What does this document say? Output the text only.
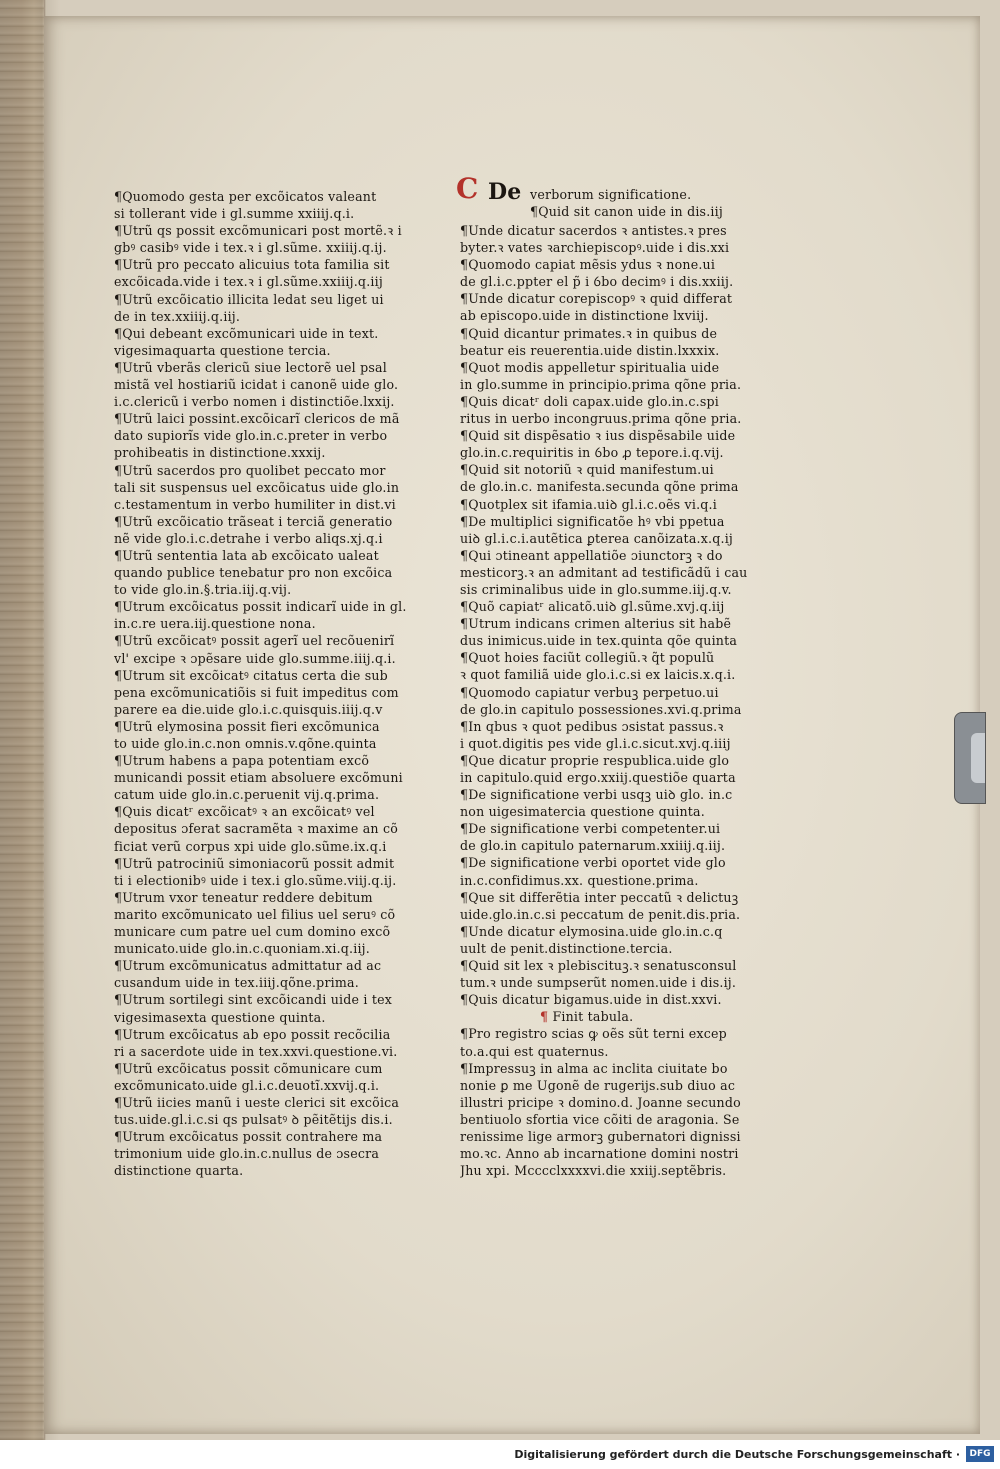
¶Quomodo gesta per excõicatos valeant
si tollerant vide i gl.summe xxiiij.q.i.
¶Utrũ qs possit excõmunicari post mortẽ.ꝛ i
gbꝰ casibꝰ vide i tex.ꝛ i gl.sũme. xxiiij.q.ij.
¶Utrũ pro peccato alicuius tota familia sit
excõicada.vide i tex.ꝛ i gl.sũme.xxiiij.q.iij
¶Utrũ excõicatio illicita ledat seu liget ui
de in tex.xxiiij.q.iij.
¶Qui debeant excõmunicari uide in text.
vigesimaquarta questione tercia.
¶Utrũ vberãs clericũ siue lectorẽ uel psal
mistã vel hostiariũ icidat i canonẽ uide glo.
i.c.clericũ i verbo nomen i distinctiõe.lxxij.
¶Utrũ laici possint.excõicarĩ clericos de mã
dato supiorĩs vide glo.in.c.preter in verbo
prohibeatis in distinctione.xxxij.
¶Utrũ sacerdos pro quolibet peccato mor
tali sit suspensus uel excõicatus uide glo.in
c.testamentum in verbo humiliter in dist.vi
¶Utrũ excõicatio trãseat i terciã generatio
nẽ vide glo.i.c.detrahe i verbo aliqs.xj.q.i
¶Utrũ sententia lata ab excõicato ualeat
quando publice tenebatur pro non excõica
to vide glo.in.§.tria.iij.q.vij.
¶Utrum excõicatus possit indicarĩ uide in gl.
in.c.re uera.iij.questione nona.
¶Utrũ excõicatꝰ possit agerĩ uel recõuenirĩ
vl' excipe ꝛ ɔpẽsare uide glo.summe.iiij.q.i.
¶Utrum sit excõicatꝰ citatus certa die sub
pena excõmunicatiõis si fuit impeditus com
parere ea die.uide glo.i.c.quisquis.iiij.q.v
¶Utrũ elymosina possit fieri excõmunica
to uide glo.in.c.non omnis.v.qõne.quinta
¶Utrum habens a papa potentiam excõ
municandi possit etiam absoluere excõmuni
catum uide glo.in.c.peruenit vij.q.prima.
¶Quis dicatʳ excõicatꝰ ꝛ an excõicatꝰ vel
depositus ɔferat sacramẽta ꝛ maxime an cõ
ficiat verũ corpus xpi uide glo.sũme.ix.q.i
¶Utrũ patrociniũ simoniacorũ possit admit
ti i electionibꝰ uide i tex.i glo.sũme.viij.q.ij.
¶Utrum vxor teneatur reddere debitum
marito excõmunicato uel filius uel seruꝰ cõ
municare cum patre uel cum domino excõ
municato.uide glo.in.c.quoniam.xi.q.iij.
¶Utrum excõmunicatus admittatur ad ac
cusandum uide in tex.iiij.qõne.prima.
¶Utrum sortilegi sint excõicandi uide i tex
vigesimasexta questione quinta.
¶Utrum excõicatus ab epo possit recõcilia
ri a sacerdote uide in tex.xxvi.questione.vi.
¶Utrũ excõicatus possit cõmunicare cum
excõmunicato.uide gl.i.c.deuotĩ.xxvij.q.i.
¶Utrũ iicies manũ i ueste clerici sit excõica
tus.uide.gl.i.c.si qs pulsatꝰ ꝺ pẽitẽtijs dis.i.
¶Utrum excõicatus possit contrahere ma
trimonium uide glo.in.c.nullus de ɔsecra
distinctione quarta.
C De verborum significatione.
¶Quid sit canon uide in dis.iij
¶Unde dicatur sacerdos ꝛ antistes.ꝛ pres
byter.ꝛ vates ꝛarchiepiscopꝰ.uide i dis.xxi
¶Quomodo capiat mẽsis ydus ꝛ none.ui
de gl.i.c.ppter el p̃ i ỽbo decimꝰ i dis.xxiij.
¶Unde dicatur corepiscopꝰ ꝛ quid differat
ab episcopo.uide in distinctione lxviij.
¶Quid dicantur primates.ꝛ in quibus de
beatur eis reuerentia.uide distin.lxxxix.
¶Quot modis appelletur spiritualia uide
in glo.summe in principio.prima qõne pria.
¶Quis dicatʳ doli capax.uide glo.in.c.spi
ritus in uerbo incongruus.prima qõne pria.
¶Quid sit dispẽsatio ꝛ ius dispẽsabile uide
glo.in.c.requiritis in ỽbo ꝓ tepore.i.q.vij.
¶Quid sit notoriũ ꝛ quid manifestum.ui
de glo.in.c. manifesta.secunda qõne prima
¶Quotplex sit ifamia.uiꝺ gl.i.c.oẽs vi.q.i
¶De multiplici significatõe hꝰ vbi ppetua
uiꝺ gl.i.c.i.autẽtica ꝑterea canõizata.x.q.ij
¶Qui ɔtineant appellatiõe ɔiunctorꝫ ꝛ do
mesticorꝫ.ꝛ an admitant ad testificãdũ i cau
sis criminalibus uide in glo.summe.iij.q.v.
¶Quõ capiatʳ alicatõ.uiꝺ gl.sũme.xvj.q.iij
¶Utrum indicans crimen alterius sit habẽ
dus inimicus.uide in tex.quinta qõe quinta
¶Quot hoies faciũt collegiũ.ꝛ q̃t populũ
ꝛ quot familiã uide glo.i.c.si ex laicis.x.q.i.
¶Quomodo capiatur verbuꝫ perpetuo.ui
de glo.in capitulo possessiones.xvi.q.prima
¶In qbus ꝛ quot pedibus ɔsistat passus.ꝛ
i quot.digitis pes vide gl.i.c.sicut.xvj.q.iiij
¶Que dicatur proprie respublica.uide glo
in capitulo.quid ergo.xxiij.questiõe quarta
¶De significatione verbi usqꝫ uiꝺ glo. in.c
non uigesimatercia questione quinta.
¶De significatione verbi competenter.ui
de glo.in capitulo paternarum.xxiiij.q.iij.
¶De significatione verbi oportet vide glo
in.c.confidimus.xx. questione.prima.
¶Que sit differẽtia inter peccatũ ꝛ delictuꝫ
uide.glo.in.c.si peccatum de penit.dis.pria.
¶Unde dicatur elymosina.uide glo.in.c.q
uult de penit.distinctione.tercia.
¶Quid sit lex ꝛ plebiscituꝫ.ꝛ senatusconsul
tum.ꝛ unde sumpserũt nomen.uide i dis.ij.
¶Quis dicatur bigamus.uide in dist.xxvi.
¶ Finit tabula.
¶Pro registro scias ꝙ oẽs sũt terni excep
to.a.qui est quaternus.
¶Impressuꝫ in alma ac inclita ciuitate bo
nonie ꝑ me Ugonẽ de rugerijs.sub diuo ac
illustri pricipe ꝛ domino.d. Joanne secundo
bentiuolo sfortia vice cõiti de aragonia. Se
renissime lige armorꝫ gubernatori dignissi
mo.ꝛc. Anno ab incarnatione domini nostri
Jhu xpi. Mcccclxxxxvi.die xxiij.septẽbris.
Digitalisierung gefördert durch die Deutsche Forschungsgemeinschaft ·	DFG
